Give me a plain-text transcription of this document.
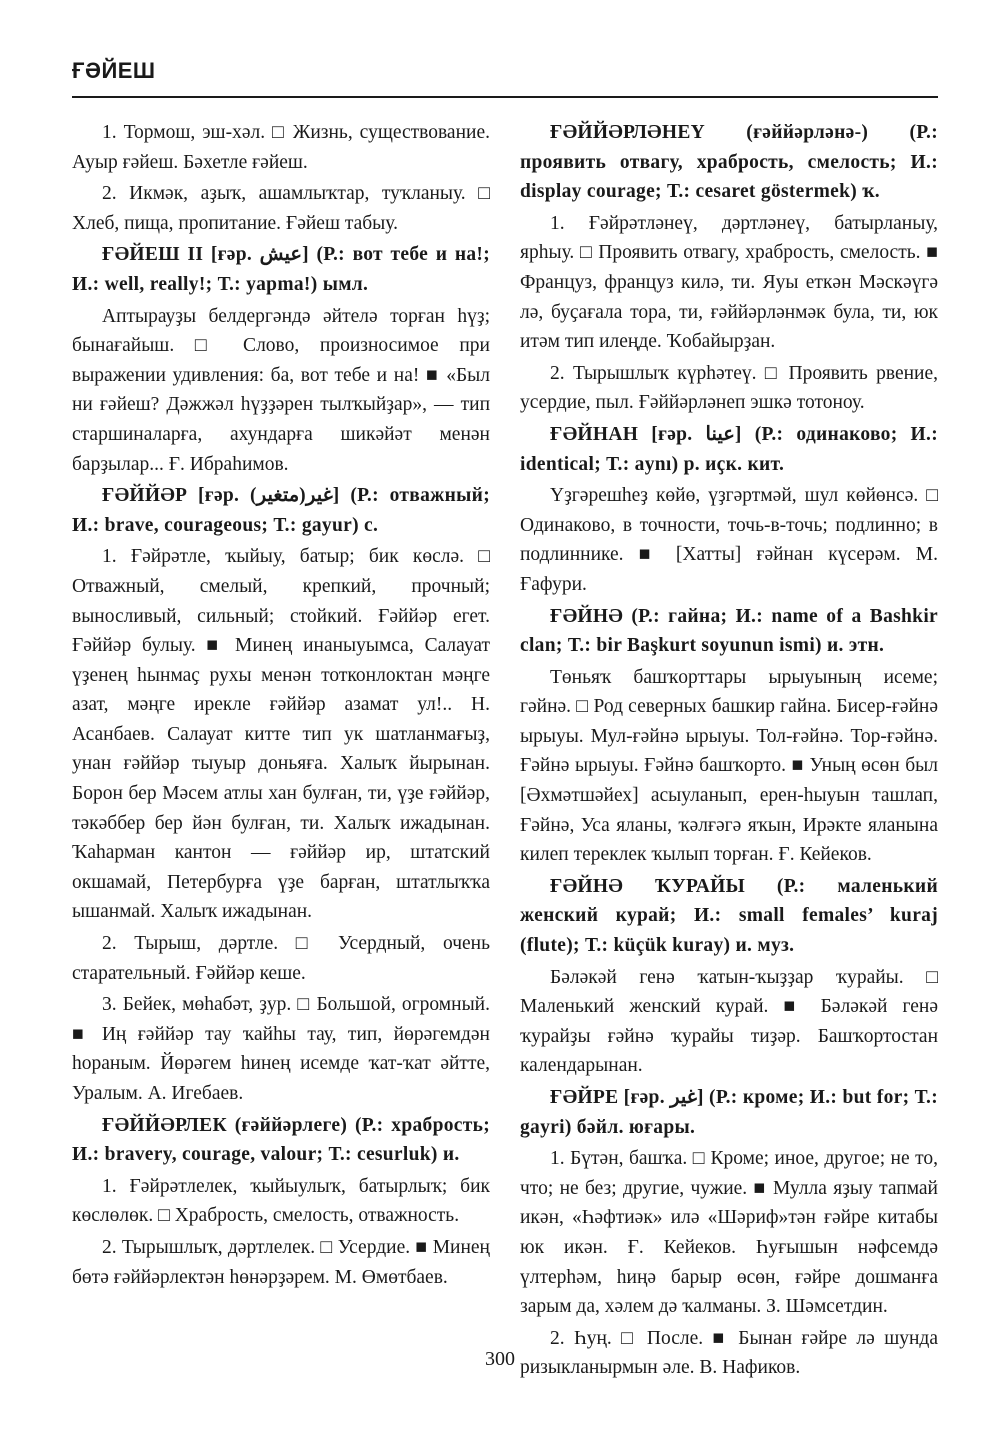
ҒӘЙЕШ

1. Тормош, эш-хәл. □ Жизнь, существование. Ауыр ғәйеш. Бәхетле ғәйеш.

2. Икмәк, аҙыҡ, ашамлыҡтар, туҡланыу. □ Хлеб, пища, пропитание. Ғәйеш табыу.

ҒӘЙЕШ II [ғәр. عيش] (Р.: вот тебе и на!; И.: well, really!; Т.: yapma!) ымл.

Аптырауҙы белдергәндә әйтелә торған һүҙ; бынағайыш. □ Слово, произносимое при выражении удивления: ба, вот тебе и на! ■ «Был ни ғәйеш? Дәжжәл һүҙҙәрен тылҡыйҙар», — тип старшиналарға, ахундарға шикәйәт менән барҙылар... Ғ. Ибраһимов.

ҒӘЙЙӘР [ғәр. (متغير)غير] (Р.: отважный; И.: brave, courageous; Т.: gayur) с.

1. Ғәйрәтле, ҡыйыу, батыр; бик көслә. □ Отважный, смелый, крепкий, прочный; выносливый, сильный; стойкий. Ғәййәр егет. Ғәййәр булыу. ■ Минең инаныуымса, Салауат үҙенең һынмаҫ рухы менән тотконлоктан мәңге азат, мәңге ирекле ғәййәр азамат ул!.. Н. Асанбаев. Салауат китте тип ук шатланмағыҙ, унан ғәййәр тыуыр доньяға. Халыҡ йырынан. Борон бер Мәсем атлы хан булған, ти, үҙе ғәййәр, тәкәббер бер йән булған, ти. Халыҡ ижадынан. Ҡаһарман кантон — ғәййәр ир, штатский окшамай, Петербурға үҙе барған, штатлыҡҡа ышанмай. Халыҡ ижадынан.

2. Тырыш, дәртле. □ Усердный, очень старательный. Ғәййәр кеше.

3. Бейек, мөһабәт, ҙур. □ Большой, огромный. ■ Иң ғәййәр тау ҡайһы тау, тип, йөрәгемдән һораным. Йөрәгем һинең исемде ҡат-ҡат әйтте, Уралым. А. Игебаев.

ҒӘЙЙӘРЛЕК (ғәййәрлеге) (Р.: храбрость; И.: bravery, courage, valour; Т.: cesurluk) и.

1. Ғәйрәтлелек, ҡыйыулыҡ, батырлыҡ; бик көслөлөк. □ Храбрость, смелость, отважность.

2. Тырышлыҡ, дәртлелек. □ Усердие. ■ Минең бөтә ғәййәрлектән һөнәрҙәрем. М. Өмөтбаев.

ҒӘЙЙӘРЛӘНЕҮ (ғәййәрләнә-) (Р.: проявить отвагу, храбрость, смелость; И.: display courage; Т.: cesaret göstermek) ҡ.

1. Ғәйрәтләнеү, дәртләнеү, батырланыу, ярһыу. □ Проявить отвагу, храбрость, смелость. ■ Француз, француз килә, ти. Яуы еткән Мәскәүгә лә, буҫағала тора, ти, ғәййәрләнмәк була, ти, юк итәм тип илеңде. Ҡобайырҙан.

2. Тырышлыҡ күрһәтеү. □ Проявить рвение, усердие, пыл. Ғәййәрләнеп эшкә тотоноу.

ҒӘЙНАН [ғәр. عينا] (Р.: одинаково; И.: identical; Т.: aynı) р. иҫк. кит.

Үҙгәрешһеҙ көйө, үҙгәртмәй, шул көйөнсә. □ Одинаково, в точности, точь-в-точь; подлинно; в подлиннике. ■ [Хатты] ғәйнан күсерәм. М. Ғафури.

ҒӘЙНӘ (Р.: гайна; И.: name of a Bashkir clan; Т.: bir Başkurt soyunun ismi) и. этн.

Төньяҡ башҡорттары ырыуының исеме; гәйнә. □ Род северных башкир гайна. Бисер-ғәйнә ырыуы. Мул-ғәйнә ырыуы. Тол-ғәйнә. Тор-ғәйнә. Ғәйнә ырыуы. Ғәйнә башҡорто. ■ Уның өсөн был [Әхмәтшәйех] асыуланып, ерен-һыуын ташлап, Ғәйнә, Уса яланы, ҡәлғәгә яҡын, Ирәкте яланына килеп тереклек ҡылып торған. Ғ. Кейеков.

ҒӘЙНӘ ҠУРАЙЫ (Р.: маленький женский курай; И.: small females’ kuraj (flute); Т.: küçük kuray) и. муз.

Бәләкәй генә ҡатын-ҡыҙҙар ҡурайы. □ Маленький женский курай. ■ Бәләкәй генә ҡурайҙы ғәйнә ҡурайы тиҙәр. Башҡортостан календарынан.

ҒӘЙРЕ [ғәр. غير] (Р.: кроме; И.: but for; Т.: gayri) бәйл. юғары.

1. Бүтән, башҡа. □ Кроме; иное, другое; не то, что; не без; другие, чужие. ■ Мулла яҙыу тапмай икән, «Һәфтиәк» илә «Шәриф»тән ғәйре китабы юк икән. Ғ. Кейеков. Һуғышын нәфсемдә үлтерһәм, һиңә барыр өсөн, ғәйре дошманға зарым да, хәлем дә ҡалманы. З. Шәмсетдин.

2. Һуң. □ После. ■ Бынан ғәйре лә шунда ризыкланырмын әле. В. Нафиков.

300
